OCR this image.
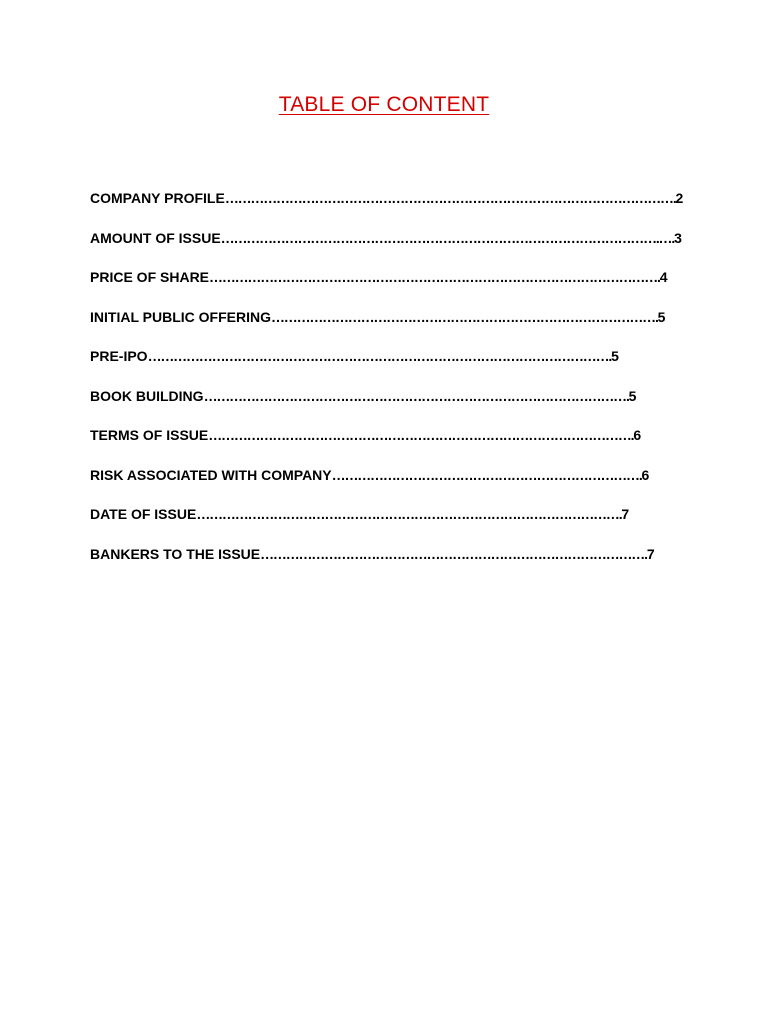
TABLE OF CONTENT
COMPANY PROFILE…………………………………………………………………………………………….2
AMOUNT OF ISSUE………………………………………………………………………………………….….3
PRICE OF SHARE…………………………………………………………………………………………….4
INITIAL PUBLIC OFFERING……………………………………………………………………………….5
PRE-IPO……………………………………………………………………………………………….5
BOOK BUILDING……………………………………………………………………………………….5
TERMS OF ISSUE……………………………………………………………………………………….6
RISK ASSOCIATED WITH COMPANY……………………………………………………………….6
DATE OF ISSUE……………………………………………………………………………………….7
BANKERS TO THE ISSUE……………………………………………………………………………….7
